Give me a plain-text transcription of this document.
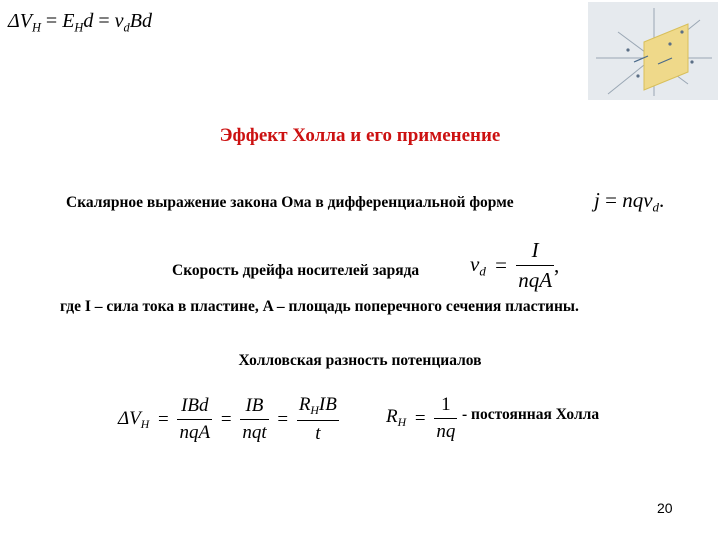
$\Delta V_H = E_Hd = v_dBd$
Эффект Холла и его применение
Скалярное выражение закона Ома в дифференциальной форме	j = nqv$_d$.
Скорость дрейфа носителей заряда $v_d = \frac{I}{\text{nqA}}$ ,
где I – сила тока в пластине, A – площадь поперечного сечения пластины.
Холловская разность потенциалов
$\Delta V_H = \frac{\text{IBd}}{\text{nqA}} = \frac{IB}{\text{nqt}} = \frac{R_HIB}{t} R_H = \frac{1}{nq}$ - постоянная Холла
20
